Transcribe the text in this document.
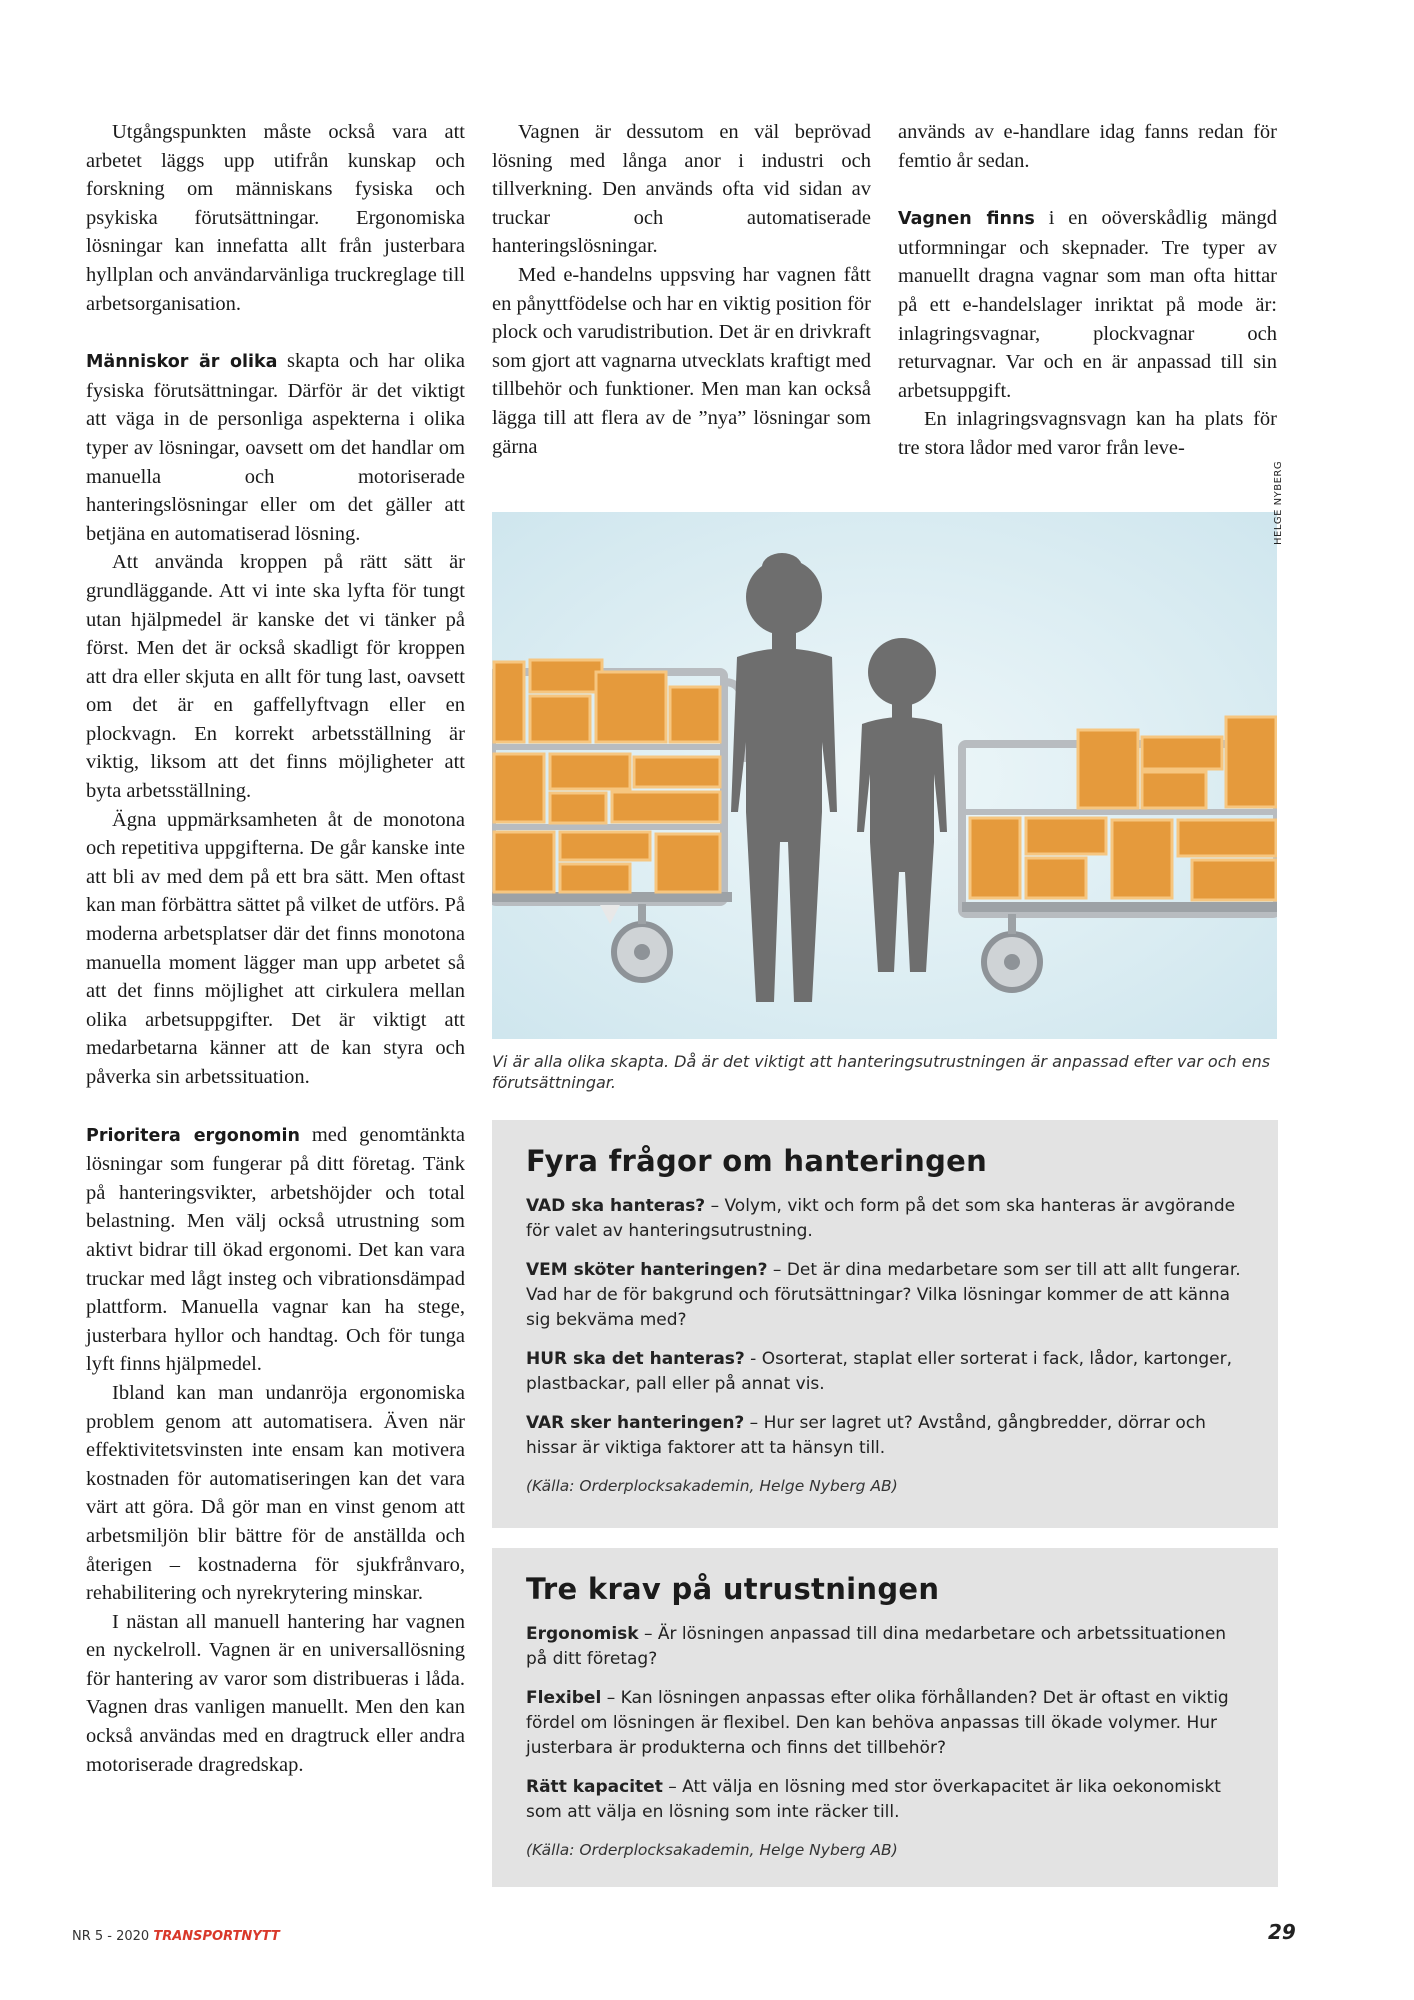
Utgångspunkten måste också vara att arbetet läggs upp utifrån kunskap och forskning om människans fysiska och psykiska förutsättningar. Ergonomiska lösningar kan innefatta allt från justerbara hyllplan och användarvänliga truckreglage till arbetsorganisation.

Människor är olika skapta och har olika fysiska förutsättningar. Därför är det viktigt att väga in de personliga aspekterna i olika typer av lösningar, oavsett om det handlar om manuella och motoriserade hanteringslösningar eller om det gäller att betjäna en automatiserad lösning.

Att använda kroppen på rätt sätt är grundläggande. Att vi inte ska lyfta för tungt utan hjälpmedel är kanske det vi tänker på först. Men det är också skadligt för kroppen att dra eller skjuta en allt för tung last, oavsett om det är en gaffellyftvagn eller en plockvagn. En korrekt arbetsställning är viktig, liksom att det finns möjligheter att byta arbetsställning.

Ägna uppmärksamheten åt de monotona och repetitiva uppgifterna. De går kanske inte att bli av med dem på ett bra sätt. Men oftast kan man förbättra sättet på vilket de utförs. På moderna arbetsplatser där det finns monotona manuella moment lägger man upp arbetet så att det finns möjlighet att cirkulera mellan olika arbetsuppgifter. Det är viktigt att medarbetarna känner att de kan styra och påverka sin arbetssituation.

Prioritera ergonomin med genomtänkta lösningar som fungerar på ditt företag. Tänk på hanteringsvikter, arbetshöjder och total belastning. Men välj också utrustning som aktivt bidrar till ökad ergonomi. Det kan vara truckar med lågt insteg och vibrationsdämpad plattform. Manuella vagnar kan ha stege, justerbara hyllor och handtag. Och för tunga lyft finns hjälpmedel.

Ibland kan man undanröja ergonomiska problem genom att automatisera. Även när effektivitetsvinsten inte ensam kan motivera kostnaden för automatiseringen kan det vara värt att göra. Då gör man en vinst genom att arbetsmiljön blir bättre för de anställda och återigen – kostnaderna för sjukfrånvaro, rehabilitering och nyrekrytering minskar.

I nästan all manuell hantering har vagnen en nyckelroll. Vagnen är en universallösning för hantering av varor som distribueras i låda. Vagnen dras vanligen manuellt. Men den kan också användas med en dragtruck eller andra motoriserade dragredskap.

Vagnen är dessutom en väl beprövad lösning med långa anor i industri och tillverkning. Den används ofta vid sidan av truckar och automatiserade hanteringslösningar.

Med e-handelns uppsving har vagnen fått en pånyttfödelse och har en viktig position för plock och varudistribution. Det är en drivkraft som gjort att vagnarna utvecklats kraftigt med tillbehör och funktioner. Men man kan också lägga till att flera av de ”nya” lösningar som gärna

används av e-handlare idag fanns redan för femtio år sedan.

Vagnen finns i en oöverskådlig mängd utformningar och skepnader. Tre typer av manuellt dragna vagnar som man ofta hittar på ett e-handelslager inriktat på mode är: inlagringsvagnar, plockvagnar och returvagnar. Var och en är anpassad till sin arbetsuppgift.

En inlagringsvagnsvagn kan ha plats för tre stora lådor med varor från leve-

HELGE NYBERG
Vi är alla olika skapta. Då är det viktigt att hanteringsutrustningen är anpassad efter var och ens förutsättningar.
Fyra frågor om hanteringen

VAD ska hanteras? – Volym, vikt och form på det som ska hanteras är avgörande för valet av hanteringsutrustning.

VEM sköter hanteringen? – Det är dina medarbetare som ser till att allt fungerar. Vad har de för bakgrund och förutsättningar? Vilka lösningar kommer de att känna sig bekväma med?

HUR ska det hanteras? - Osorterat, staplat eller sorterat i fack, lådor, kartonger, plastbackar, pall eller på annat vis.

VAR sker hanteringen? – Hur ser lagret ut? Avstånd, gångbredder, dörrar och hissar är viktiga faktorer att ta hänsyn till.

(Källa: Orderplocksakademin, Helge Nyberg AB)

Tre krav på utrustningen

Ergonomisk – Är lösningen anpassad till dina medarbetare och arbetssituationen på ditt företag?

Flexibel – Kan lösningen anpassas efter olika förhållanden? Det är oftast en viktig fördel om lösningen är flexibel. Den kan behöva anpassas till ökade volymer. Hur justerbara är produkterna och finns det tillbehör?

Rätt kapacitet – Att välja en lösning med stor överkapacitet är lika oekonomiskt som att välja en lösning som inte räcker till.

(Källa: Orderplocksakademin, Helge Nyberg AB)

NR 5 - 2020 TRANSPORTNYTT	29
